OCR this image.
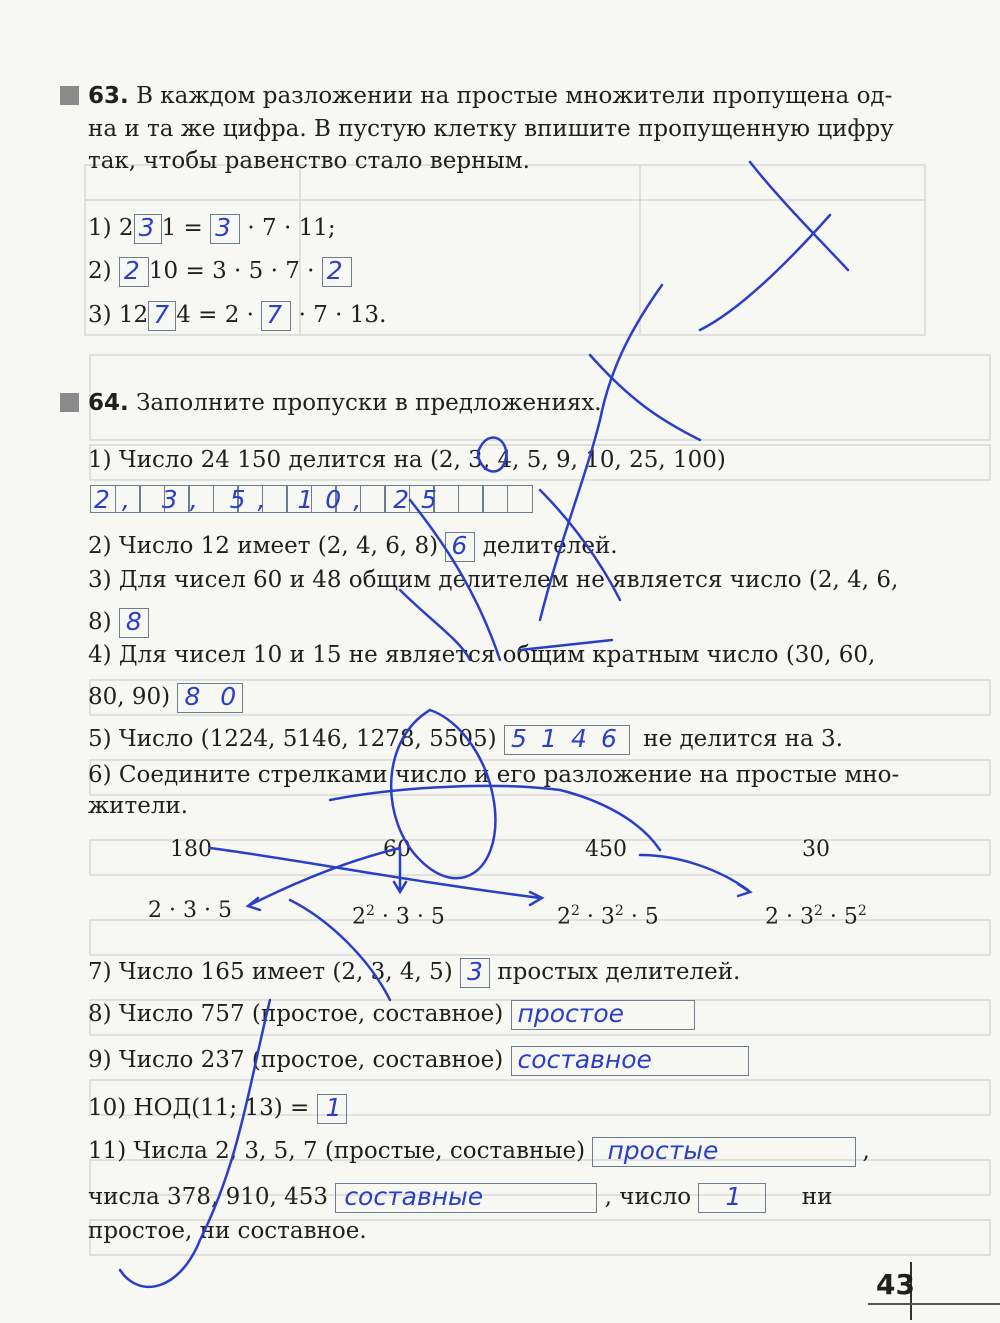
63. В каждом разложении на простые множители пропущена од-
на и та же цифра. В пустую клетку впишите пропущенную цифру
так, чтобы равенство стало верным.
1) 2 3 1 = 3 · 7 · 11;
2) 2 10 = 3 · 5 · 7 · 2
3) 12 7 4 = 2 · 7 · 7 · 13.
64. Заполните пропуски в предложениях.
1) Число 24 150 делится на (2, 3, 4, 5, 9, 10, 25, 100)
2, 3, 5, 10, 25
2) Число 12 имеет (2, 4, 6, 8) 6 делителей.
3) Для чисел 60 и 48 общим делителем не является число (2, 4, 6,
8) 8
4) Для чисел 10 и 15 не является общим кратным число (30, 60,
80, 90) 8 0
5) Число (1224, 5146, 1278, 5505) 5 1 4 6 не делится на 3.
6) Соедините стрелками число и его разложение на простые мно-
жители.
180	60	450	30
2 · 3 · 5	$2^2 \cdot 3 \cdot 5$	$2^2 \cdot 3^2 \cdot 5$	$2 \cdot 3^2 \cdot 5^2$
7) Число 165 имеет (2, 3, 4, 5) 3 простых делителей.
8) Число 757 (простое, составное) простое
9) Число 237 (простое, составное) составное
10) НОД(11; 13) = 1
11) Числа 2, 3, 5, 7 (простые, составные) простые	,
числа 378, 910, 453 составные	, число 1	ни
простое, ни составное.
43
